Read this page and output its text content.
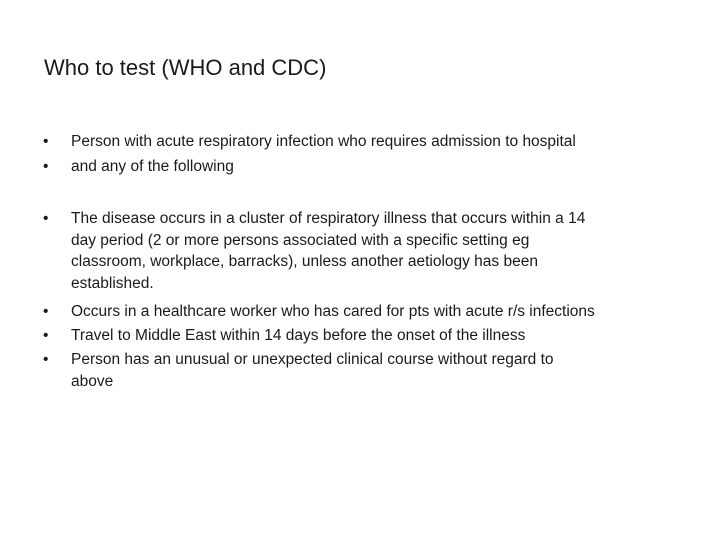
Who to test (WHO and CDC)
• Person with acute respiratory infection who requires admission to hospital
• and any of the following
• The disease occurs in a cluster of respiratory illness that occurs within a 14
day period (2 or more persons associated with a specific setting eg
classroom, workplace, barracks), unless another aetiology has been
established.
• Occurs in a healthcare worker who has cared for pts with acute r/s infections
• Travel to Middle East within 14 days before the onset of the illness
• Person has an unusual or unexpected clinical course without regard to
above
